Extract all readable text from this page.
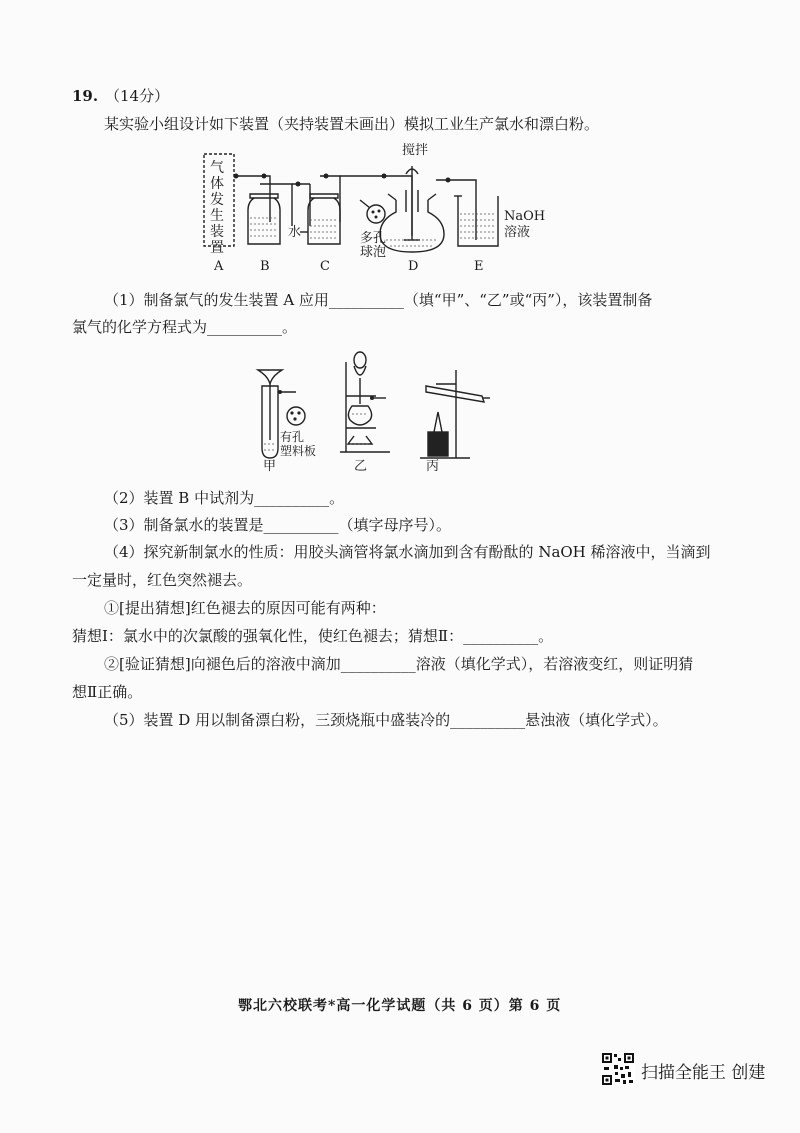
19. （14分）
某实验小组设计如下装置（夹持装置未画出）模拟工业生产氯水和漂白粉。
气体发生装置
水
搅拌
多孔球泡
NaOH
溶液
A	B	C	D	E
（1）制备氯气的发生装置 A 应用__________（填“甲”、“乙”或“丙”），该装置制备
氯气的化学方程式为__________。
有孔
塑料板
甲	乙	丙
（2）装置 B 中试剂为__________。
（3）制备氯水的装置是__________（填字母序号）。
（4）探究新制氯水的性质：用胶头滴管将氯水滴加到含有酚酞的 NaOH 稀溶液中，当滴到
一定量时，红色突然褪去。
①[提出猜想]红色褪去的原因可能有两种：
猜想Ⅰ：氯水中的次氯酸的强氧化性，使红色褪去；猜想Ⅱ：__________。
②[验证猜想]向褪色后的溶液中滴加__________溶液（填化学式），若溶液变红，则证明猜
想Ⅱ正确。
（5）装置 D 用以制备漂白粉，三颈烧瓶中盛装冷的__________悬浊液（填化学式）。
鄂北六校联考*高一化学试题（共 6 页）第 6 页
扫描全能王 创建
